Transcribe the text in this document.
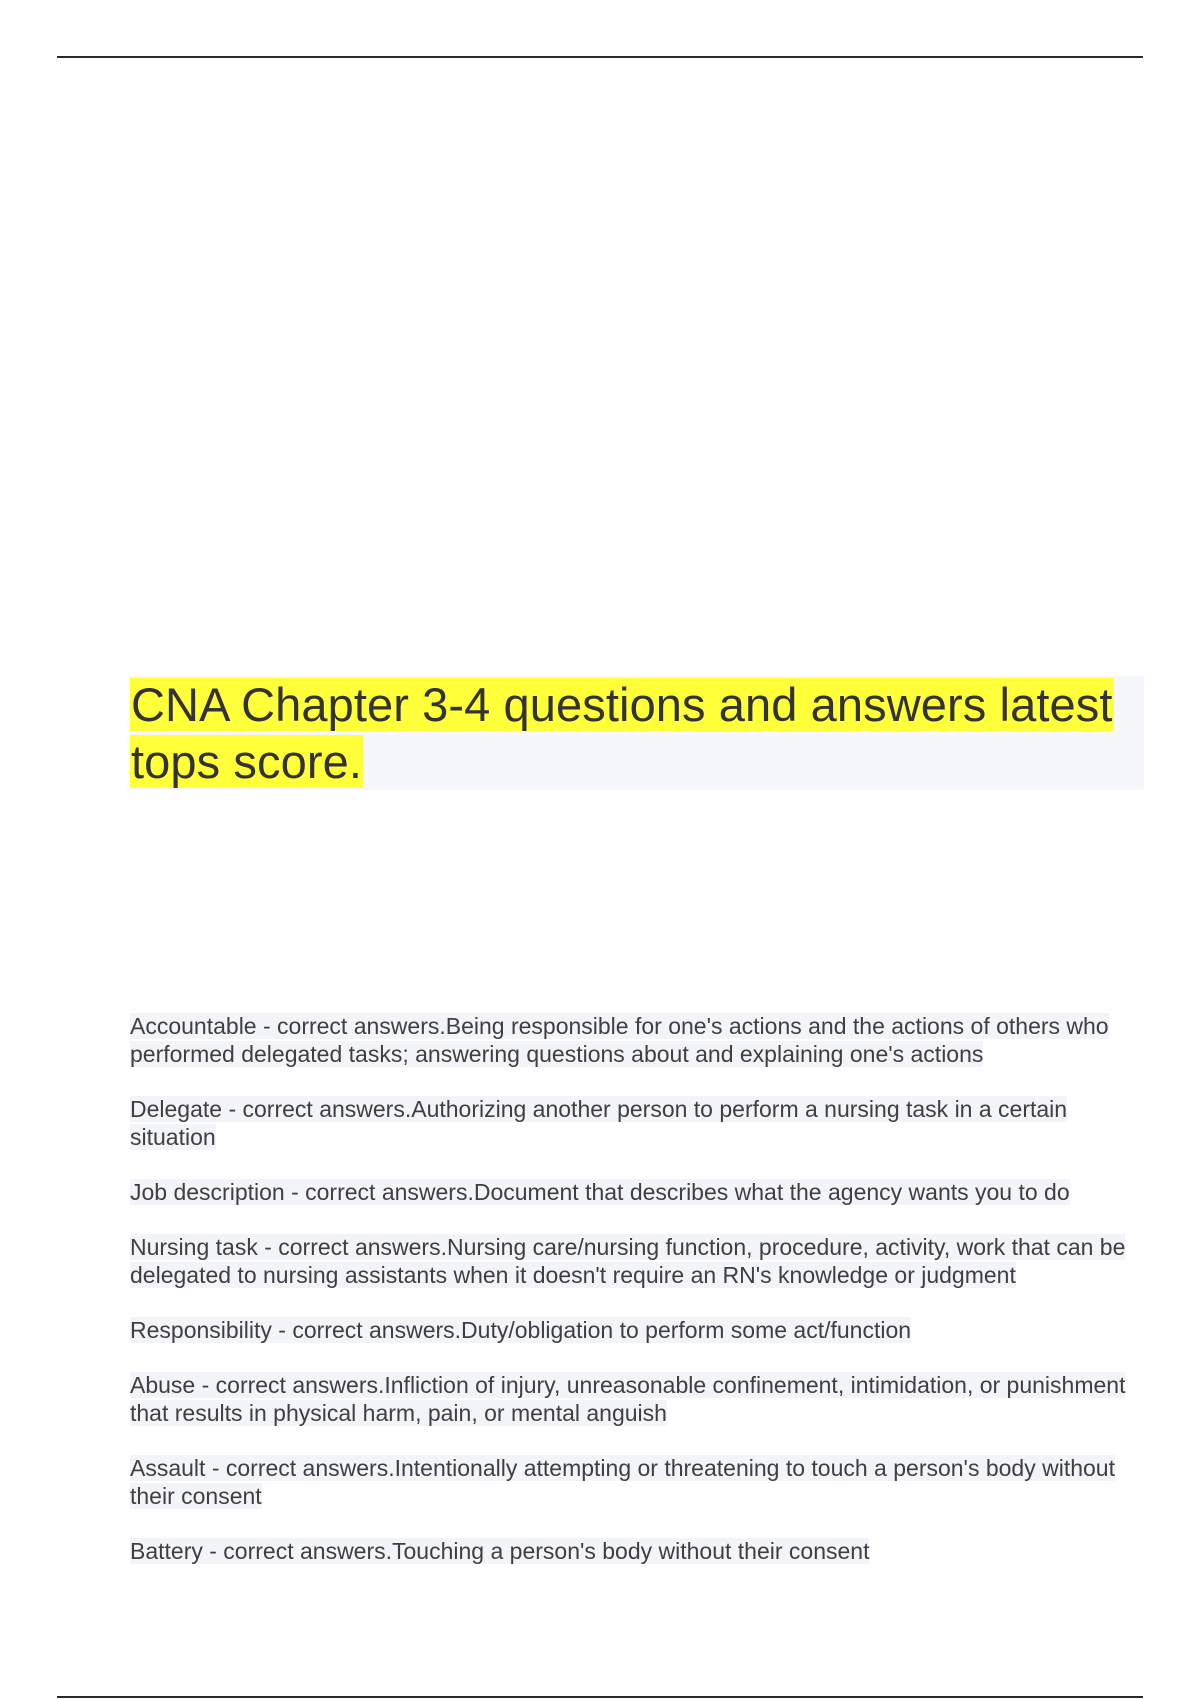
CNA Chapter 3-4 questions and answers latest tops score.
Accountable - correct answers.Being responsible for one's actions and the actions of others who performed delegated tasks; answering questions about and explaining one's actions
Delegate - correct answers.Authorizing another person to perform a nursing task in a certain situation
Job description - correct answers.Document that describes what the agency wants you to do
Nursing task - correct answers.Nursing care/nursing function, procedure, activity, work that can be delegated to nursing assistants when it doesn't require an RN's knowledge or judgment
Responsibility - correct answers.Duty/obligation to perform some act/function
Abuse - correct answers.Infliction of injury, unreasonable confinement, intimidation, or punishment that results in physical harm, pain, or mental anguish
Assault - correct answers.Intentionally attempting or threatening to touch a person's body without their consent
Battery - correct answers.Touching a person's body without their consent
